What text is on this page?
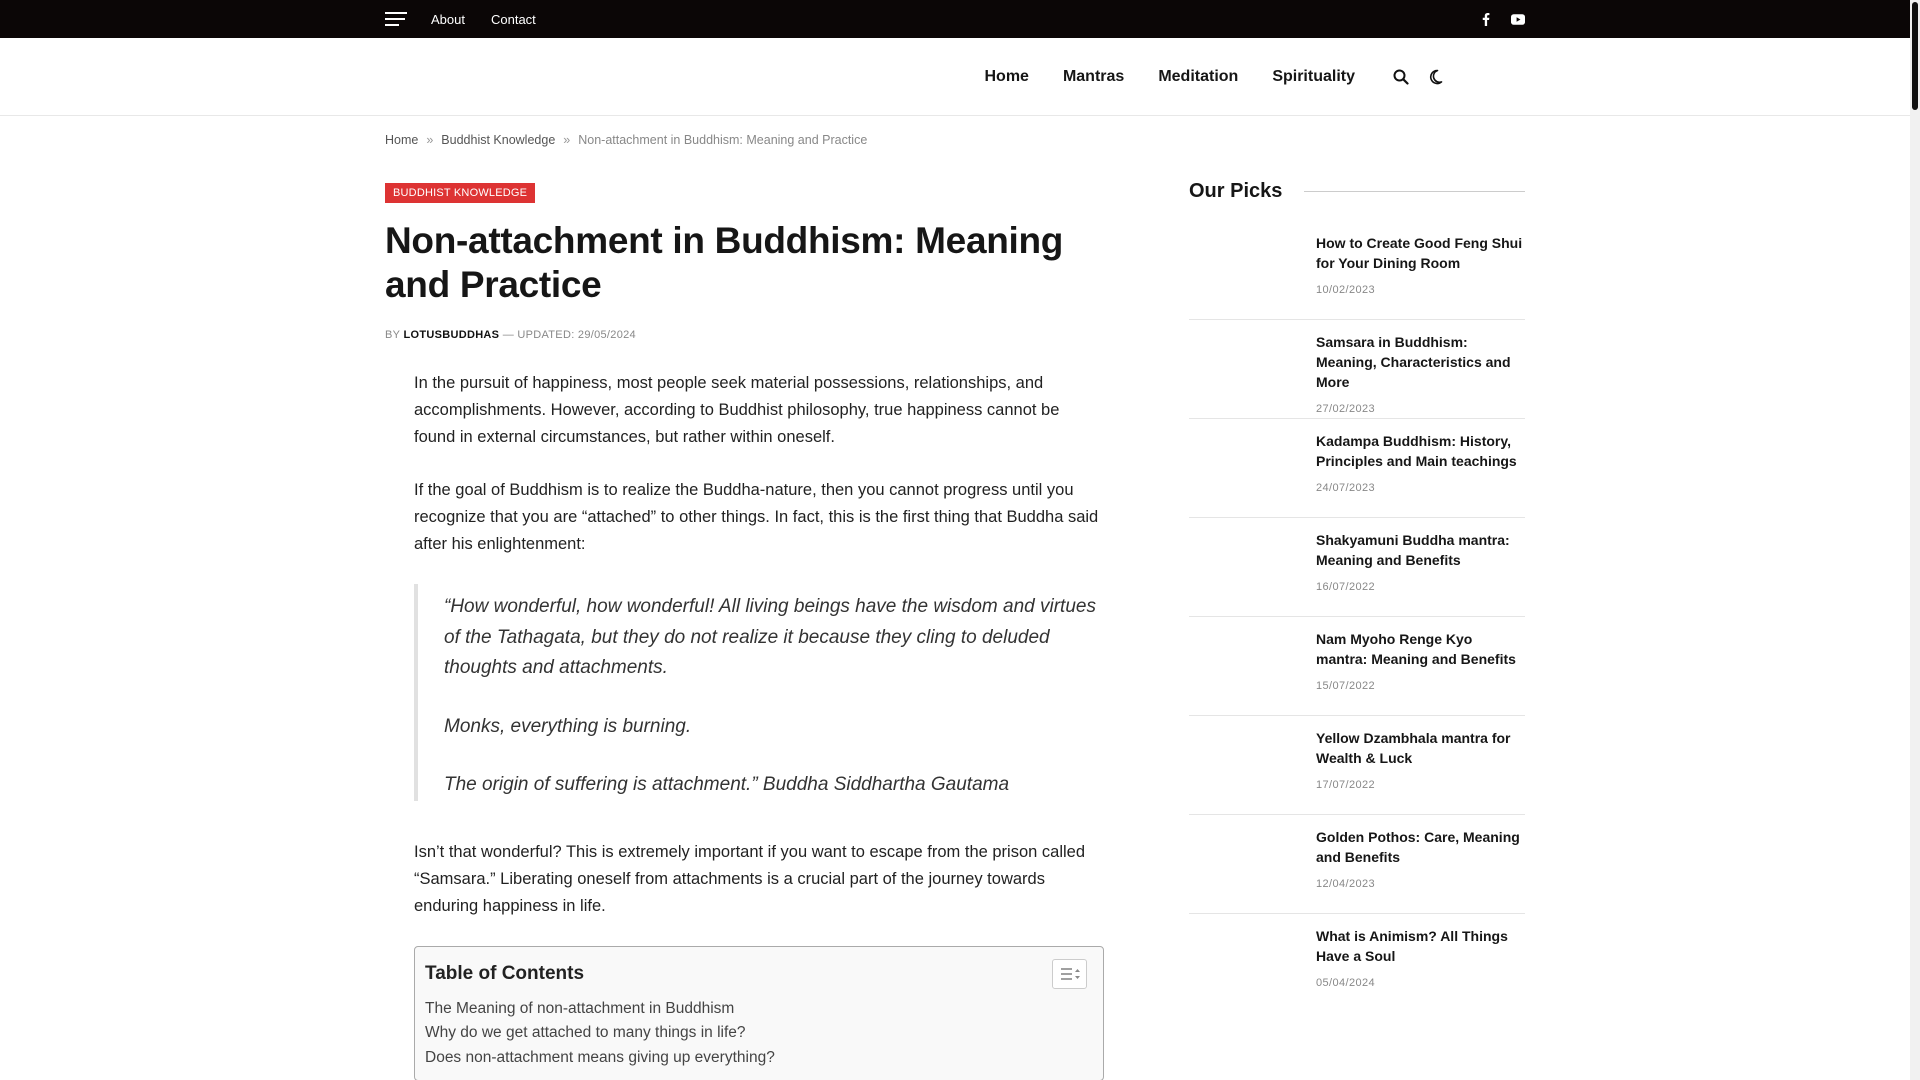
About Contact
Home Mantras Meditation Spirituality
Home » Buddhist Knowledge » Non-attachment in Buddhism: Meaning and Practice
BUDDHIST KNOWLEDGE
Non-attachment in Buddhism: Meaning and Practice
BY LOTUSBUDDHAS — UPDATED: 29/05/2024

In the pursuit of happiness, most people seek material possessions, relationships, and accomplishments. However, according to Buddhist philosophy, true happiness cannot be found in external circumstances, but rather within oneself.

If the goal of Buddhism is to realize the Buddha-nature, then you cannot progress until you recognize that you are “attached” to other things. In fact, this is the first thing that Buddha said after his enlightenment:

“How wonderful, how wonderful! All living beings have the wisdom and virtues of the Tathagata, but they do not realize it because they cling to deluded thoughts and attachments.

Monks, everything is burning.

The origin of suffering is attachment.” Buddha Siddhartha Gautama

Isn’t that wonderful? This is extremely important if you want to escape from the prison called “Samsara.” Liberating oneself from attachments is a crucial part of the journey towards enduring happiness in life.

Table of Contents
The Meaning of non-attachment in Buddhism
Why do we get attached to many things in life?
Does non-attachment means giving up everything?
Our Picks
How to Create Good Feng Shui for Your Dining Room
10/02/2023
Samsara in Buddhism: Meaning, Characteristics and More
27/02/2023
Kadampa Buddhism: History, Principles and Main teachings
24/07/2023
Shakyamuni Buddha mantra: Meaning and Benefits
16/07/2022
Nam Myoho Renge Kyo mantra: Meaning and Benefits
15/07/2022
Yellow Dzambhala mantra for Wealth & Luck
17/07/2022
Golden Pothos: Care, Meaning and Benefits
12/04/2023
What is Animism? All Things Have a Soul
05/04/2024
